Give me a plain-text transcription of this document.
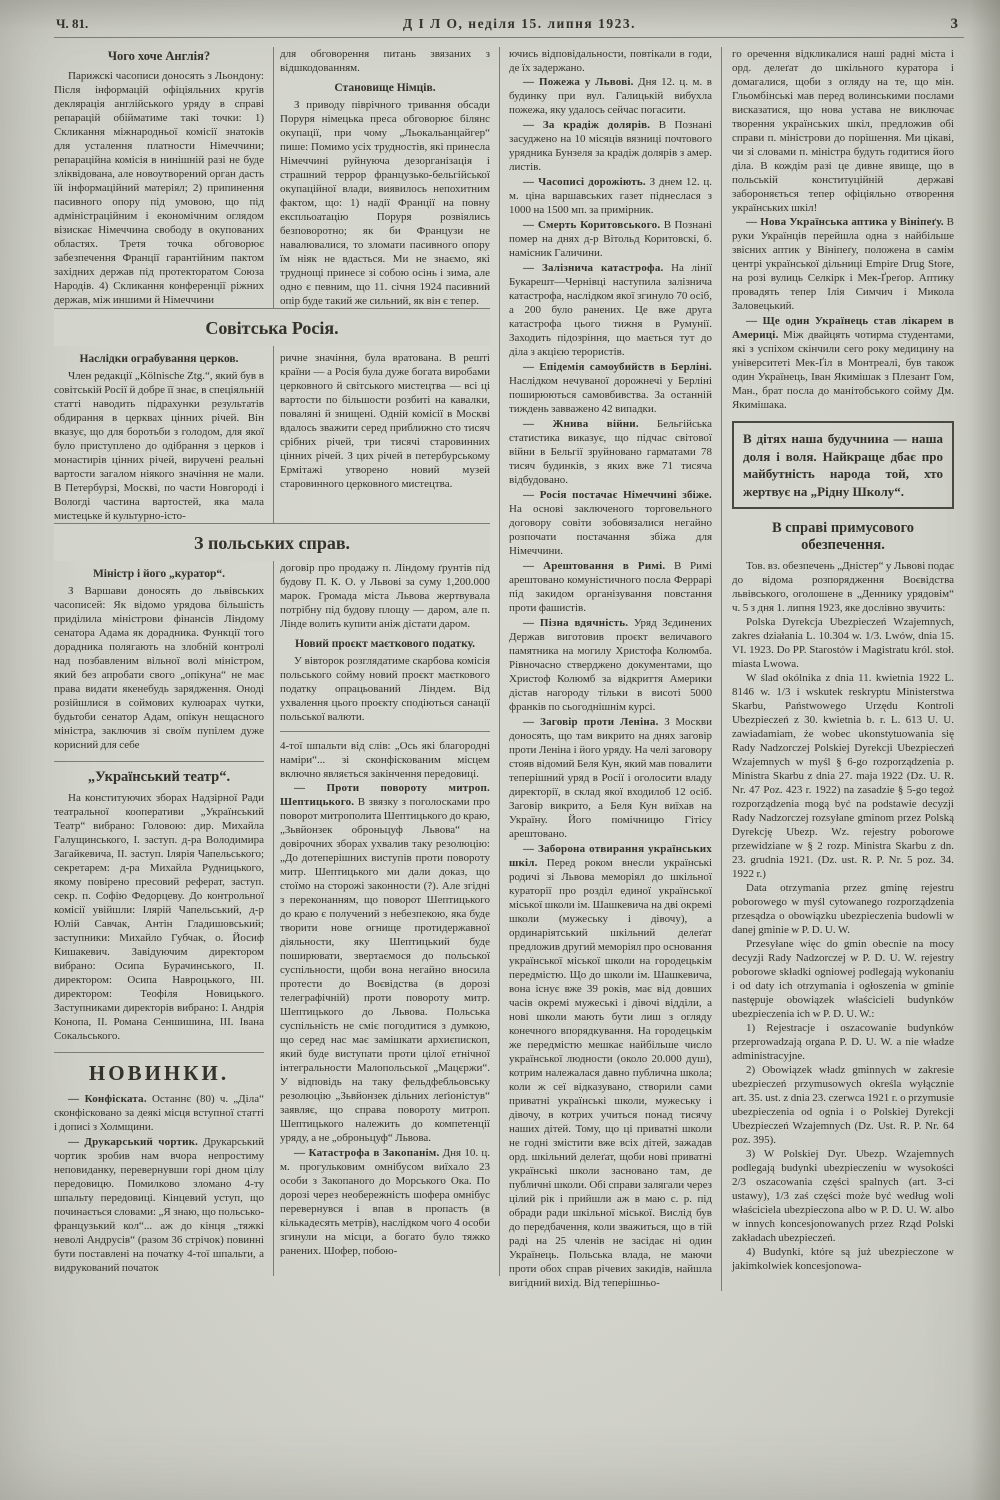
Ч. 81.	Д І Л О, неділя 15. липня 1923.	3
Чого хоче Англія?

Парижскі часописи доносять з Льондону: Після інформацій офіціяльних кругів деклярація англійського уряду в справі репарацій обійматиме такі точки: 1) Скликання міжнародньої комісії знатоків для усталення платности Німеччини; репараційна комісія в нинішній разі не буде зліквідована, але новоутворений орган дасть їй інформаційний матеріял; 2) припинення пасивного опору під умовою, що під адміністраційним і економічним оглядом візискає Німеччина свободу в окупованих областях. Третя точка обговорює забезпечення Франції гарантійним пактом західних держав під протекторатом Союза Народів. 4) Скликання конференції ріжних держав, між иншими й Німеччини

для обговорення питань звязаних з відшкодованням.

Становище Німців.

З приводу піврічного тривання обсади Поруря німецька преса обговорює білянс окупації, при чому „Льокальанцайгер“ пише: Помимо усіх трудностів, які принесла Німеччині руйнуюча дезорганізація і страшний террор французько-бельгійської окупаційної влади, виявилось непохитним фактом, що: 1) надії Франції на повну експльоатацію Поруря розвіялись безповоротно; як би Французи не навалювалися, то зломати пасивного опору їм ніяк не вдасться. Ми не знаємо, які труднощі принесе зі собою осінь і зима, але одно є певним, що 11. січня 1924 пасивний опір буде такий же сильний, як він є тепер.

Совітська Росія.
Наслідки ограбування церков.

Член редакції „Kölnische Ztg.“, який був в совітській Росії й добре її знає, в спеціяльній статті наводить підрахунки результатів обдирання в церквах цінних річей. Він вказує, що для боротьби з голодом, для якої було приступлено до одібрання з церков і монастирів цінних річей, виручені реальні вартости загалом ніякого значіння не мали. В Петербурзі, Москві, по части Новгороді і Вологді частина вартостей, яка мала мистецьке й культурно-істо-

ричне значіння, була вратована. В решті країни — а Росія була дуже богата виробами церковного й світського мистецтва — всі ці вартости по більшости розбиті на кавалки, поваляні й знищені. Одній комісії в Москві вдалось зважити серед приближно сто тисяч срібних річей, три тисячі старовинних цінних річей. З цих річей в петербурському Ермітажі утворено новий музей старовинного церковного мистецтва.

З польських справ.
Міністр і його „куратор“.

З Варшави доносять до львівських часописей: Як відомо урядова більшість приділила міністрови фінансів Ліндому сенатора Адама як дорадника. Функції того дорадника полягають на злобній контролі над позбавленим вільної волі міністром, який без апробати свого „опікуна“ не має права видати якенебудь зарядження. Оноді розійшлися в соймових кулюарах чутки, будьтоби сенатор Адам, опікун нещасного міністра, заключив зі своїм пупілем дуже корисний для себе

„Український театр“.

На конституючих зборах Надзірної Ради театральної кооперативи „Український Театр“ вибрано: Головою: дир. Михайла Галущинського, І. заступ. д-ра Володимира Загайкевича, ІІ. заступ. Ілярія Чапельського; секретарем: д-ра Михайла Рудницького, якому повірено пресовий реферат, заступ. секр. п. Софію Федорцеву. До контрольної комісії увійшли: Ілярій Чапельський, д-р Юлій Савчак, Антін Гладишовський; заступники: Михайло Губчак, о. Йосиф Кишакевич. Завідуючим директором вибрано: Осипа Бурачинського, ІІ. директором: Осипа Навроцького, ІІІ. директором: Теофіля Новицького. Заступниками директорів вибрано: І. Андрія Конопа, ІІ. Романа Сеншишина, ІІІ. Івана Сокальського.

НОВИНКИ.

— Конфіската. Останнє (80) ч. „Діла“ сконфісковано за деякі місця вступної статті і дописі з Холмщини.

— Друкарський чортик. Друкарський чортик зробив нам вчора непростиму неповиданку, перевернувши горі дном цілу передовицю. Помилково зломано 4-ту шпальту передовиці. Кінцевий уступ, що починається словами: „Я знаю, що польсько-французький кол“... аж до кінця „тяжкі неволі Андрусів“ (разом 36 стрічок) повинні бути поставлені на початку 4-тої шпальти, а видрукований початок

договір про продажу п. Ліндому ґрунтів під будову П. К. О. у Львові за суму 1,200.000 марок. Громада міста Львова жертвувала потрібну під будову площу — даром, але п. Лінде волить купити аніж дістати даром.

Новий проєкт маєткового податку.

У вівторок розглядатиме скарбова комісія польського сойму новий проєкт маєткового податку опрацьований Ліндем. Від ухвалення цього проєкту сподіються санації польської валюти.

4-тої шпальти від слів: „Ось які благородні наміри“... зі сконфіскованим місцем включно являється закінчення передовиці.

— Проти повороту митроп. Шептицького. В звязку з поголосками про поворот митрополита Шептицького до краю, „Зьвйонзек оброньцуф Львова“ на довірочних зборах ухвалив таку резолюцію: „До дотеперішних виступів проти повороту митр. Шептицького ми дали доказ, що стоїмо на сторожі законности (?). Але згідні з переконанням, що поворот Шептицького до краю є получений з небезпекою, яка буде творити нове огнище протидержавної діяльности, яку Шептицький буде поширювати, звертаємося до польської суспільности, щоби вона негайно вносила протести до Воєвідства (в дорозі телеграфічній) проти повороту митр. Шептицького до Львова. Польська суспільність не сміє погодитися з думкою, що серед нас має замішкати архиєпископ, який буде виступати проти цілої етнічної інтегральности Малопольської „Мацєржи“. У відповідь на таку фельдфебльовську резолюцію „Зьвйонзек дільних леґіоністув“ заявляє, що справа повороту митроп. Шептицького належить до компетенції уряду, а не „оброньцуф“ Львова.

— Катастрофа в Закопанім. Дня 10. ц. м. прогульковим омнібусом виїхало 23 особи з Закопаного до Морського Ока. По дорозі через необережність шофера омнібус перевернувся і впав в пропасть (в кількадесять метрів), наслідком чого 4 особи згинули на місци, а богато було тяжко ранених. Шофер, побою-

ючись відповідальности, повтікали в годи, де їх задержано.

— Пожежа у Львові. Дня 12. ц. м. в будинку при вул. Галицькій вибухла пожежа, яку удалось сейчас погасити.

— За крадіж долярів. В Познані засуджено на 10 місяців вязниці почтового урядника Бунзеля за крадіж долярів з амер. листів.

— Часописі дорожіють. З днем 12. ц. м. ціна варшавських газет піднеслася з 1000 на 1500 мп. за примірник.

— Смерть Коритовського. В Познані помер на днях д-р Вітольд Коритовскі, б. намісник Галичини.

— Залізнича катастрофа. На лінії Букарешт—Чернівці наступила залізнича катастрофа, наслідком якої згинуло 70 осіб, а 200 було ранених. Це вже друга катастрофа цього тижня в Румунії. Заходить підозріння, що мається тут до діла з акцією терористів.

— Епідемія самоубийств в Берліні. Наслідком нечуваної дорожнечі у Берліні поширюються самовбивства. За останній тиждень завважено 42 випадки.

— Жнива війни. Бельгійська статистика виказує, що підчас світової війни в Бельгії зруйновано гарматами 78 тисяч будинків, з яких вже 71 тисяча відбудовано.

— Росія постачає Німеччині збіже. На основі заключеного торговельного договору совіти зобовязалися негайно розпочати постачання збіжа для Німеччини.

— Арештовання в Римі. В Римі арештовано комуністичного посла Феррарі під закидом організування повстання проти фашистів.

— Пізна вдячність. Уряд Зєдинених Держав виготовив проєкт величавого памятника на могилу Христофа Колюмба. Рівночасно стверджено документами, що Христоф Колюмб за відкриття Америки дістав нагороду тільки в висоті 5000 франків по сьогоднішнім курсі.

— Заговір проти Леніна. З Москви доносять, що там викрито на днях заговір проти Леніна і його уряду. На челі заговору стояв відомий Беля Кун, який мав повалити теперішний уряд в Росії і оголосити владу директорії, в склад якої входилоб 12 осіб. Заговір викрито, а Беля Кун виїхав на Україну. Його помічницю Гітісу арештовано.

— Заборона отвирання українських шкіл. Перед роком внесли українські родичі зі Львова меморіял до шкільної кураторії про розділ единої української міської школи ім. Шашкевича на дві окремі школи (мужеську і дівочу), а ординаріятський шкільний делеґат предложив другий меморіял про основання української міської школи на городецькім передмістю. Що до школи ім. Шашкевича, вона існує вже 39 років, має від довших часів окремі мужеські і дівочі відділи, а нові школи мають бути лиш з огляду конечного впорядкування. На городецькім же передмістю мешкає найбільше число української людности (около 20.000 душ), котрим належалася давно публична школа; коли ж сеї відказувано, створили сами приватні українські школи, мужеську і дівочу, в котрих учиться понад тисячу наших дітей. Тому, що ці приватні школи не годні змістити вже всіх дітей, зажадав орд. шкільний делеґат, щоби нові приватні українські школи засновано там, де публичні школи. Обі справи залягали через цілий рік і прийшли аж в маю с. р. під обради ради шкільної міської. Вислід був до передбачення, коли зважиться, що в тій раді на 25 членів не засідає ні один Українець. Польська влада, не маючи проти обох справ річевих закидів, найшла вигідний вихід. Від теперішньо-

го оречення відкликалися наші радні міста і орд. делеґат до шкільного куратора і домагалися, щоби з огляду на те, що мін. Гльомбінські мав перед волинськими послами висказатися, що нова устава не виключає творення українських шкіл, предложив обі справи п. міністрови до порішення. Ми цікаві, чи зі словами п. міністра будуть годитися його діла. В кождім разі це дивне явище, що в польській конституційній державі забороняється тепер офіціяльно отворення українських шкіл!

— Нова Українська аптика у Вініпеґу. В руки Українців перейшла одна з найбільше звісних аптик у Вініпеґу, положена в самім центрі української дільниці Empire Drug Store, на розі вулиць Селкірк і Мек-Ґреґор. Аптику провадять тепер Ілія Симчич і Микола Заловецький.

— Ще один Українець став лікарем в Америці. Між двайцять чотирма студентами, які з успіхом скінчили сего року медицину на університеті Мек-Ґіл в Монтреалі, був також один Українець, Іван Якимішак з Плезант Гом, Ман., брат посла до манітобського сойму Дм. Якимішака.

В дітях наша будучнина — наша доля і воля. Найкраще дбає про майбутність народа той, хто жертвує на „Рідну Школу“.
В справі примусового обезпечення.

Тов. вз. обезпечень „Дністер“ у Львові подає до відома розпорядження Воєвідства львівського, оголошене в „Деннику урядовім“ ч. 5 з дня 1. липня 1923, яке дослівно звучить:

Polska Dyrekcja Ubezpieczeń Wzajemnych, zakres działania L. 10.304 w. 1/3. Lwów, dnia 15. VI. 1923. Do PP. Starostów i Magistratu król. stoł. miasta Lwowa.

W ślad okólnika z dnia 11. kwietnia 1922 L. 8146 w. 1/3 i wskutek reskryptu Ministerstwa Skarbu, Państwowego Urzędu Kontroli Ubezpieczeń z 30. kwietnia b. r. L. 613 U. U. zawiadamiam, że wobec ukonstytuowania się Rady Nadzorczej Polskiej Dyrekcji Ubezpieczeń Wzajemnych w myśl § 6-go rozporządzenia p. Ministra Skarbu z dnia 27. maja 1922 (Dz. U. R. Nr. 47 Poz. 423 r. 1922) na zasadzie § 5-go tegoż rozporządzenia mogą być na podstawie decyzji Rady Nadzorczej rozsyłane gminom przez Polską Dyrekcję Ubezp. Wz. rejestry poborowe przewidziane w § 2 rozp. Ministra Skarbu z dn. 23. grudnia 1921. (Dz. ust. R. P. Nr. 5 poz. 34. 1922 r.)

Data otrzymania przez gminę rejestru poborowego w myśl cytowanego rozporządzenia przesądza o obowiązku ubezpieczenia budowli w danej gminie w P. D. U. W.

Przesyłane więc do gmin obecnie na mocy decyzji Rady Nadzorczej w P. D. U. W. rejestry poborowe składki ogniowej podlegają wykonaniu i od daty ich otrzymania i ogłoszenia w gminie następuje obowiązek właścicieli budynków ubezpieczenia ich w P. D. U. W.:

1) Rejestracje i oszacowanie budynków przeprowadzają organa P. D. U. W. a nie władze administracyjne.

2) Obowiązek władz gminnych w zakresie ubezpieczeń przymusowych określa wyłącznie art. 35. ust. z dnia 23. czerwca 1921 r. o przymusie ubezpieczenia od ognia i o Polskiej Dyrekcji Ubezpieczeń Wzajemnych (Dz. Ust. R. P. Nr. 64 poz. 395).

3) W Polskiej Dyr. Ubezp. Wzajemnych podlegają budynki ubezpieczeniu w wysokości 2/3 oszacowania części spalnych (art. 3-ci ustawy), 1/3 zaś części może być według woli właściciela ubezpieczona albo w P. D. U. W. albo w innych koncesjonowanych przez Rząd Polski zakładach ubezpieczeń.

4) Budynki, które są już ubezpieczone w jakimkolwiek koncesjonowa-
